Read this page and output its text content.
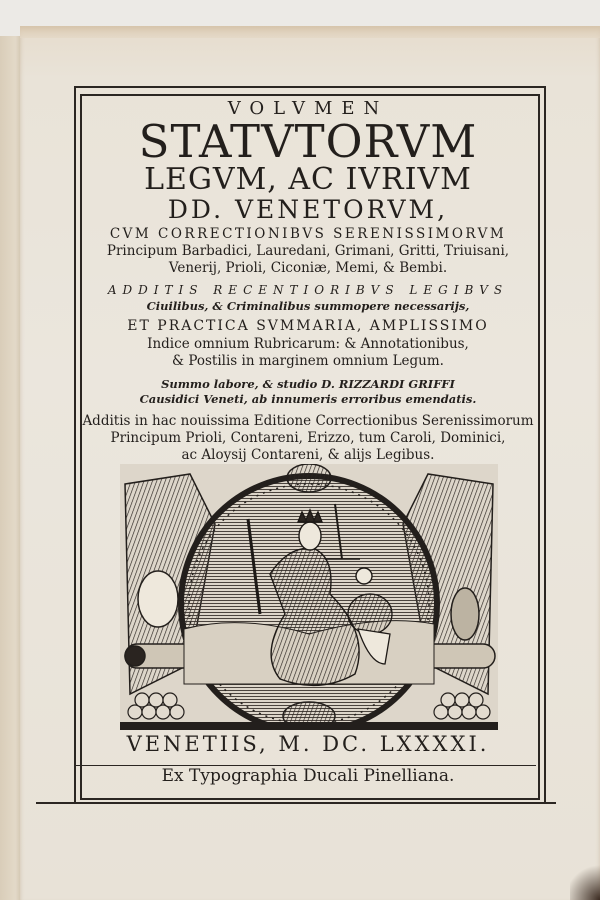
VOLVMEN
STATVTORVM
LEGVM, AC IVRIVM
DD. VENETORVM,
CVM CORRECTIONIBVS SERENISSIMORVM
Principum Barbadici, Lauredani, Grimani, Gritti, Triuisani,
Venerij, Prioli, Ciconiæ, Memi, & Bembi.
ADDITIS RECENTIORIBVS LEGIBVS
Ciuilibus, & Criminalibus summopere necessarijs,
ET PRACTICA SVMMARIA, AMPLISSIMO
Indice omnium Rubricarum: & Annotationibus,
& Postilis in marginem omnium Legum.
Summo labore, & studio D. RIZZARDI GRIFFI
Causidici Veneti, ab innumeris erroribus emendatis.
Additis in hac nouissima Editione Correctionibus Serenissimorum
Principum Prioli, Contareni, Erizzo, tum Caroli, Dominici,
ac Aloysij Contareni, & alijs Legibus.
VENETIIS, M. DC. LXXXXI.
Ex Typographia Ducali Pinelliana.
